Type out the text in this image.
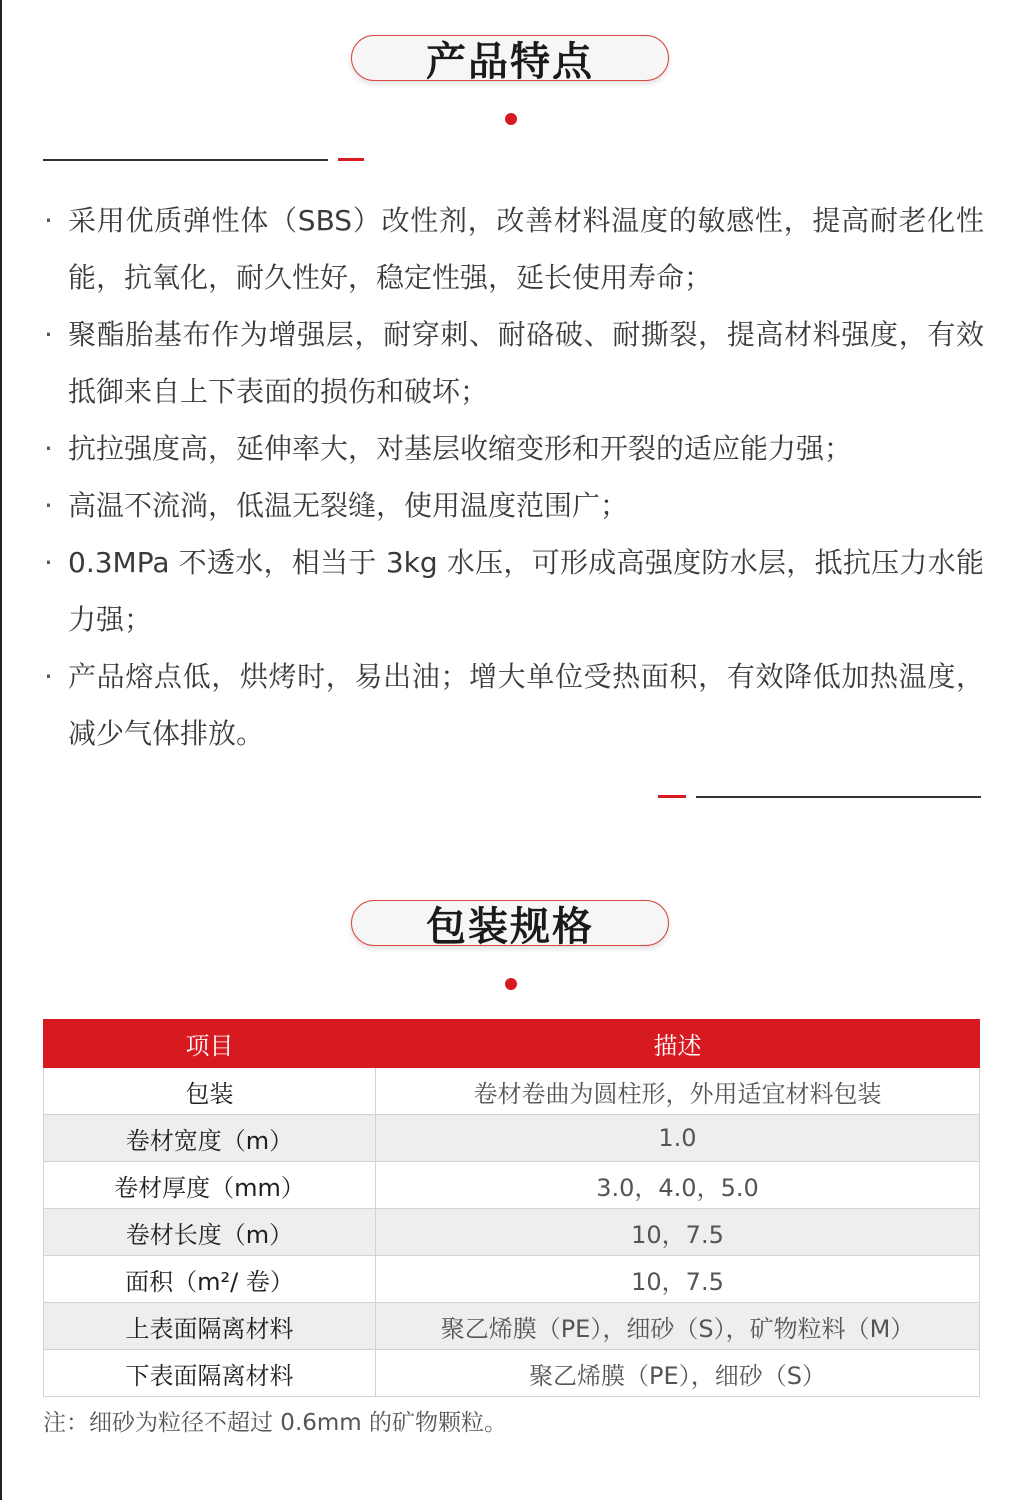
产品特点
· 采用优质弹性体（SBS）改性剂，改善材料温度的敏感性，提高耐老化性能，抗氧化，耐久性好，稳定性强，延长使用寿命；
· 聚酯胎基布作为增强层，耐穿刺、耐硌破、耐撕裂，提高材料强度，有效抵御来自上下表面的损伤和破坏；
· 抗拉强度高，延伸率大，对基层收缩变形和开裂的适应能力强；
· 高温不流淌，低温无裂缝，使用温度范围广；
· 0.3MPa 不透水，相当于 3kg 水压，可形成高强度防水层，抵抗压力水能力强；
· 产品熔点低，烘烤时，易出油；增大单位受热面积，有效降低加热温度，减少气体排放。
包装规格
项目	描述
包装	卷材卷曲为圆柱形，外用适宜材料包装
卷材宽度（m）	1.0
卷材厚度（mm）	3.0，4.0，5.0
卷材长度（m）	10，7.5
面积（m²/ 卷）	10，7.5
上表面隔离材料	聚乙烯膜（PE），细砂（S），矿物粒料（M）
下表面隔离材料	聚乙烯膜（PE），细砂（S）
注：细砂为粒径不超过 0.6mm 的矿物颗粒。
